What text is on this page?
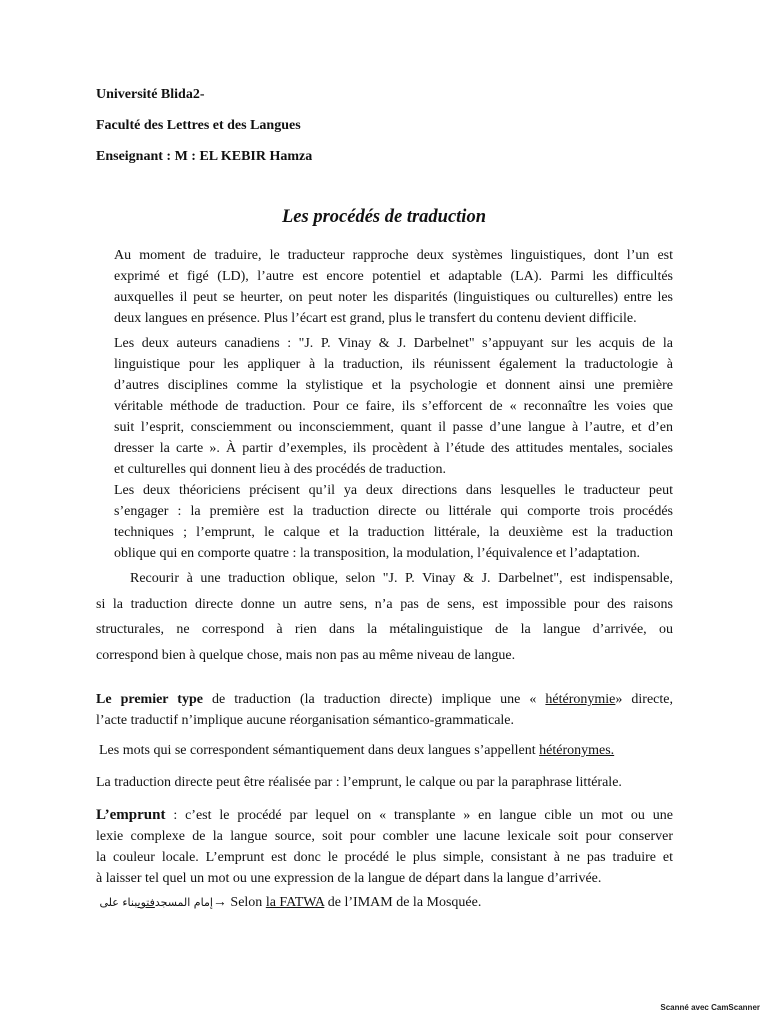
Université Blida2-
Faculté des Lettres et des Langues
Enseignant : M : EL KEBIR Hamza
Les procédés de traduction
Au moment de traduire, le traducteur rapproche deux systèmes linguistiques, dont l’un est
exprimé et figé (LD), l’autre est encore potentiel et adaptable (LA). Parmi les difficultés
auxquelles il peut se heurter, on peut noter les disparités (linguistiques ou culturelles) entre les
deux langues en présence. Plus l’écart est grand, plus le transfert du contenu devient difficile.
Les deux auteurs canadiens : "J. P. Vinay & J. Darbelnet" s’appuyant sur les acquis de la
linguistique pour les appliquer à la traduction, ils réunissent également la traductologie à
d’autres disciplines comme la stylistique et la psychologie et donnent ainsi une première
véritable méthode de traduction. Pour ce faire, ils s’efforcent de « reconnaître les voies que
suit l’esprit, consciemment ou inconsciemment, quant il passe d’une langue à l’autre, et d’en
dresser la carte ». À partir d’exemples, ils procèdent à l’étude des attitudes mentales, sociales
et culturelles qui donnent lieu à des procédés de traduction.
Les deux théoriciens précisent qu’il ya deux directions dans lesquelles le traducteur peut
s’engager : la première est la traduction directe ou littérale qui comporte trois procédés
techniques ; l’emprunt, le calque et la traduction littérale, la deuxième est la traduction
oblique qui en comporte quatre : la transposition, la modulation, l’équivalence et l’adaptation.
Recourir à une traduction oblique, selon "J. P. Vinay & J. Darbelnet", est indispensable,
si la traduction directe donne un autre sens, n’a pas de sens, est impossible pour des raisons
structurales, ne correspond à rien dans la métalinguistique de la langue d’arrivée, ou
correspond bien à quelque chose, mais non pas au même niveau de langue.
Le premier type de traduction (la traduction directe) implique une « hétéronymie» directe,
l’acte traductif n’implique aucune réorganisation sémantico-grammaticale.
Les mots qui se correspondent sémantiquement dans deux langues s’appellent hétéronymes.
La traduction directe peut être réalisée par : l’emprunt, le calque ou par la paraphrase littérale.
L’emprunt : c’est le procédé par lequel on « transplante » en langue cible un mot ou une
lexie complexe de la langue source, soit pour combler une lacune lexicale soit pour conserver
la couleur locale. L’emprunt est donc le procédé le plus simple, consistant à ne pas traduire et
à laisser tel quel un mot ou une expression de la langue de départ dans la langue d’arrivée.
إمام المسجدفتوىبناء على	→ Selon la FATWA de l’IMAM de la Mosquée.
Scanné avec CamScanner
